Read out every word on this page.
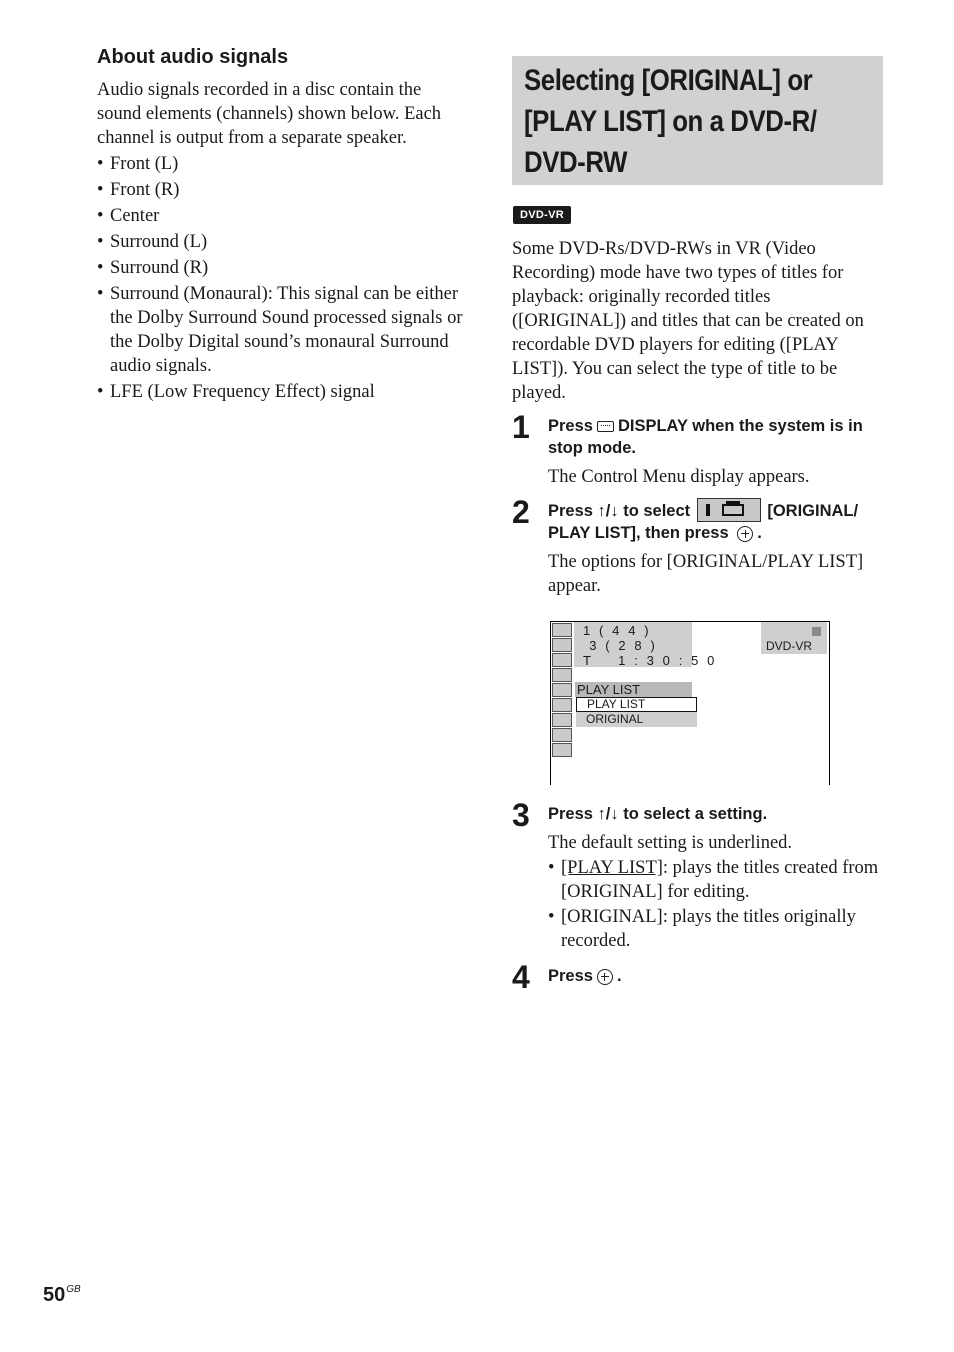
About audio signals

Audio signals recorded in a disc contain the sound elements (channels) shown below. Each channel is output from a separate speaker.

• Front (L)
• Front (R)
• Center
• Surround (L)
• Surround (R)
• Surround (Monaural): This signal can be either the Dolby Surround Sound processed signals or the Dolby Digital sound’s monaural Surround audio signals.
• LFE (Low Frequency Effect) signal
Selecting [ORIGINAL] or [PLAY LIST] on a DVD-R/ DVD-RW
DVD-VR

Some DVD-Rs/DVD-RWs in VR (Video Recording) mode have two types of titles for playback: originally recorded titles ([ORIGINAL]) and titles that can be created on recordable DVD players for editing ([PLAY LIST]). You can select the type of title to be played.

1 Press DISPLAY when the system is in stop mode.

The Control Menu display appears.

2 Press ↑/↓ to select	[ORIGINAL/ PLAY LIST], then press .

The options for [ORIGINAL/PLAY LIST] appear.

1 ( 4 4 )
3 ( 2 8 )
T    1 : 3 0 : 5 0
DVD-VR
PLAY LIST
PLAY LIST
ORIGINAL
3 Press ↑/↓ to select a setting.

The default setting is underlined.

• [PLAY LIST]: plays the titles created from [ORIGINAL] for editing.
• [ORIGINAL]: plays the titles originally recorded.
4 Press .

$50^{GB}$
